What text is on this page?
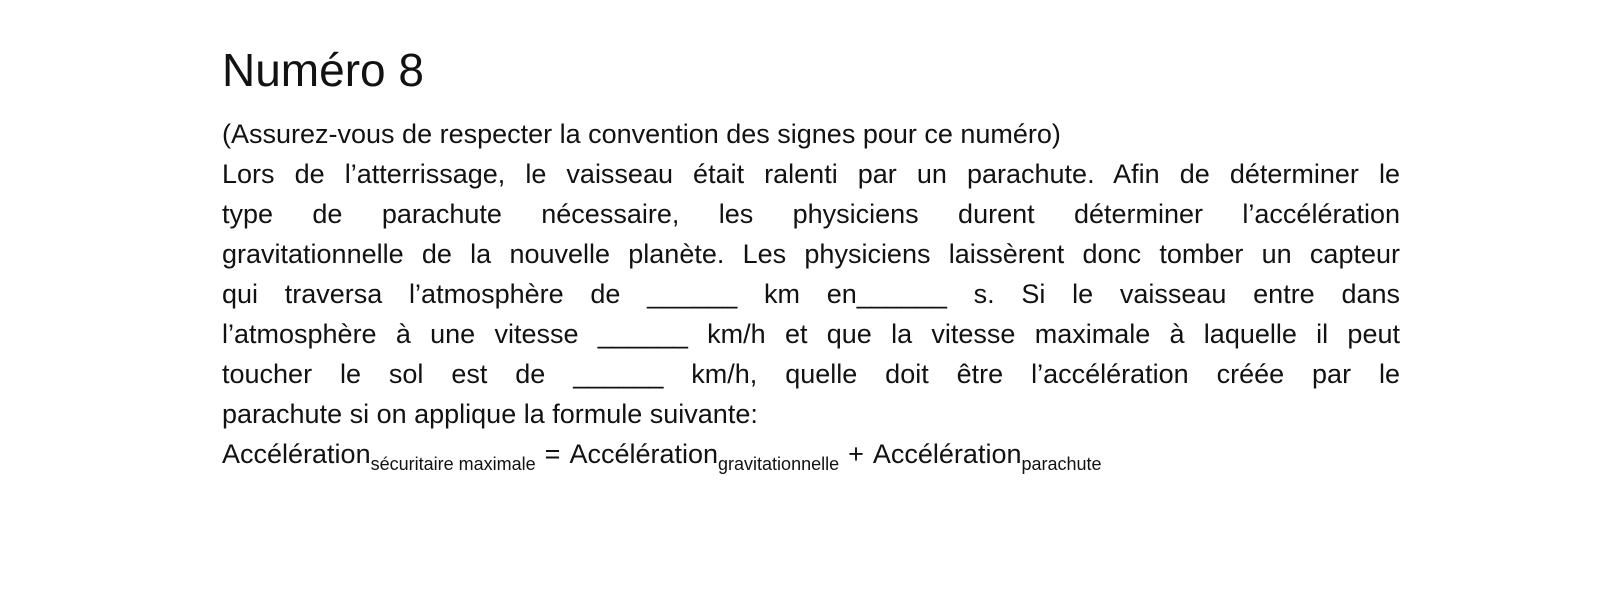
Numéro 8
(Assurez-vous de respecter la convention des signes pour ce numéro)
Lors de l’atterrissage, le vaisseau était ralenti par un parachute. Afin de déterminer le
type de parachute nécessaire, les physiciens durent déterminer l’accélération
gravitationnelle de la nouvelle planète. Les physiciens laissèrent donc tomber un capteur
qui traversa l’atmosphère de ______ km en______ s. Si le vaisseau entre dans
l’atmosphère à une vitesse ______ km/h et que la vitesse maximale à laquelle il peut
toucher le sol est de ______ km/h, quelle doit être l’accélération créée par le
parachute si on applique la formule suivante:
Accélération$_{sécuritaire maximale}$ = Accélération$_{gravitationnelle}$ + Accélération$_{parachute}$
